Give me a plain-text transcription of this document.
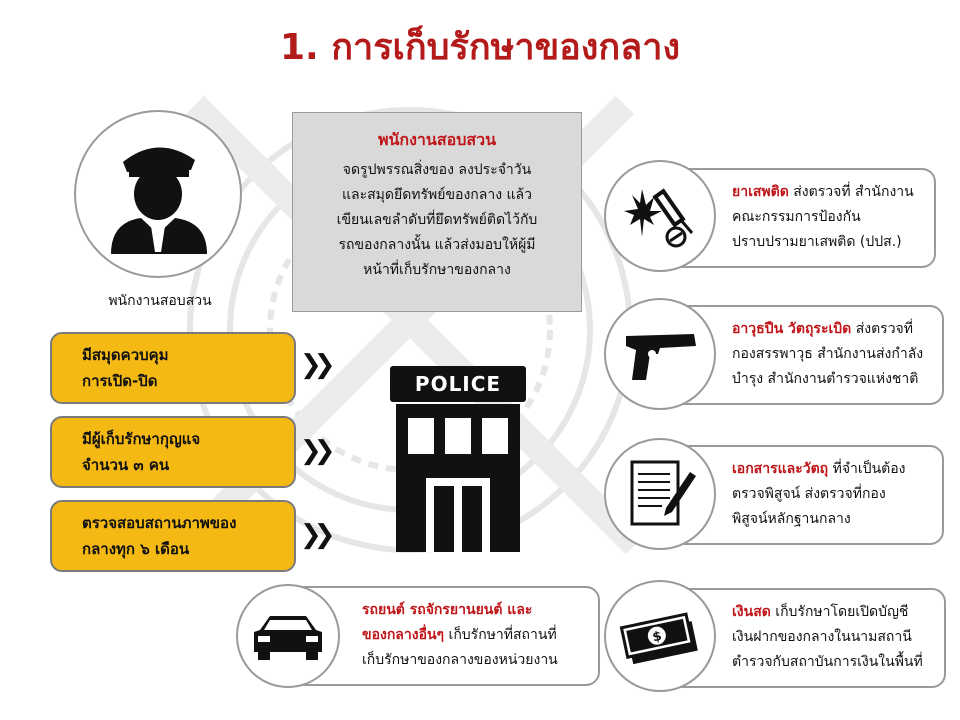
1. การเก็บรักษาของกลาง
พนักงานสอบสวน
พนักงานสอบสวน
จดรูปพรรณสิ่งของ ลงประจำวัน
และสมุดยึดทรัพย์ของกลาง แล้ว
เขียนเลขลำดับที่ยึดทรัพย์ติดไว้กับ
รถของกลางนั้น แล้วส่งมอบให้ผู้มี
หน้าที่เก็บรักษาของกลาง
มีสมุดควบคุม
การเปิด-ปิด
มีผู้เก็บรักษากุญแจ
จำนวน ๓ คน
ตรวจสอบสถานภาพของ
กลางทุก ๖ เดือน
❯❯
❯❯
❯❯
POLICE
ยาเสพติด ส่งตรวจที่ สำนักงาน
คณะกรรมการป้องกัน
ปราบปรามยาเสพติด (ปปส.)
อาวุธปืน วัตถุระเบิด ส่งตรวจที่
กองสรรพาวุธ สำนักงานส่งกำลัง
บำรุง สำนักงานตำรวจแห่งชาติ
เอกสารและวัตถุ ที่จำเป็นต้อง
ตรวจพิสูจน์ ส่งตรวจที่กอง
พิสูจน์หลักฐานกลาง
เงินสด เก็บรักษาโดยเปิดบัญชี
เงินฝากของกลางในนามสถานี
ตำรวจกับสถาบันการเงินในพื้นที่
$
รถยนต์ รถจักรยานยนต์ และ
ของกลางอื่นๆ เก็บรักษาที่สถานที่
เก็บรักษาของกลางของหน่วยงาน
